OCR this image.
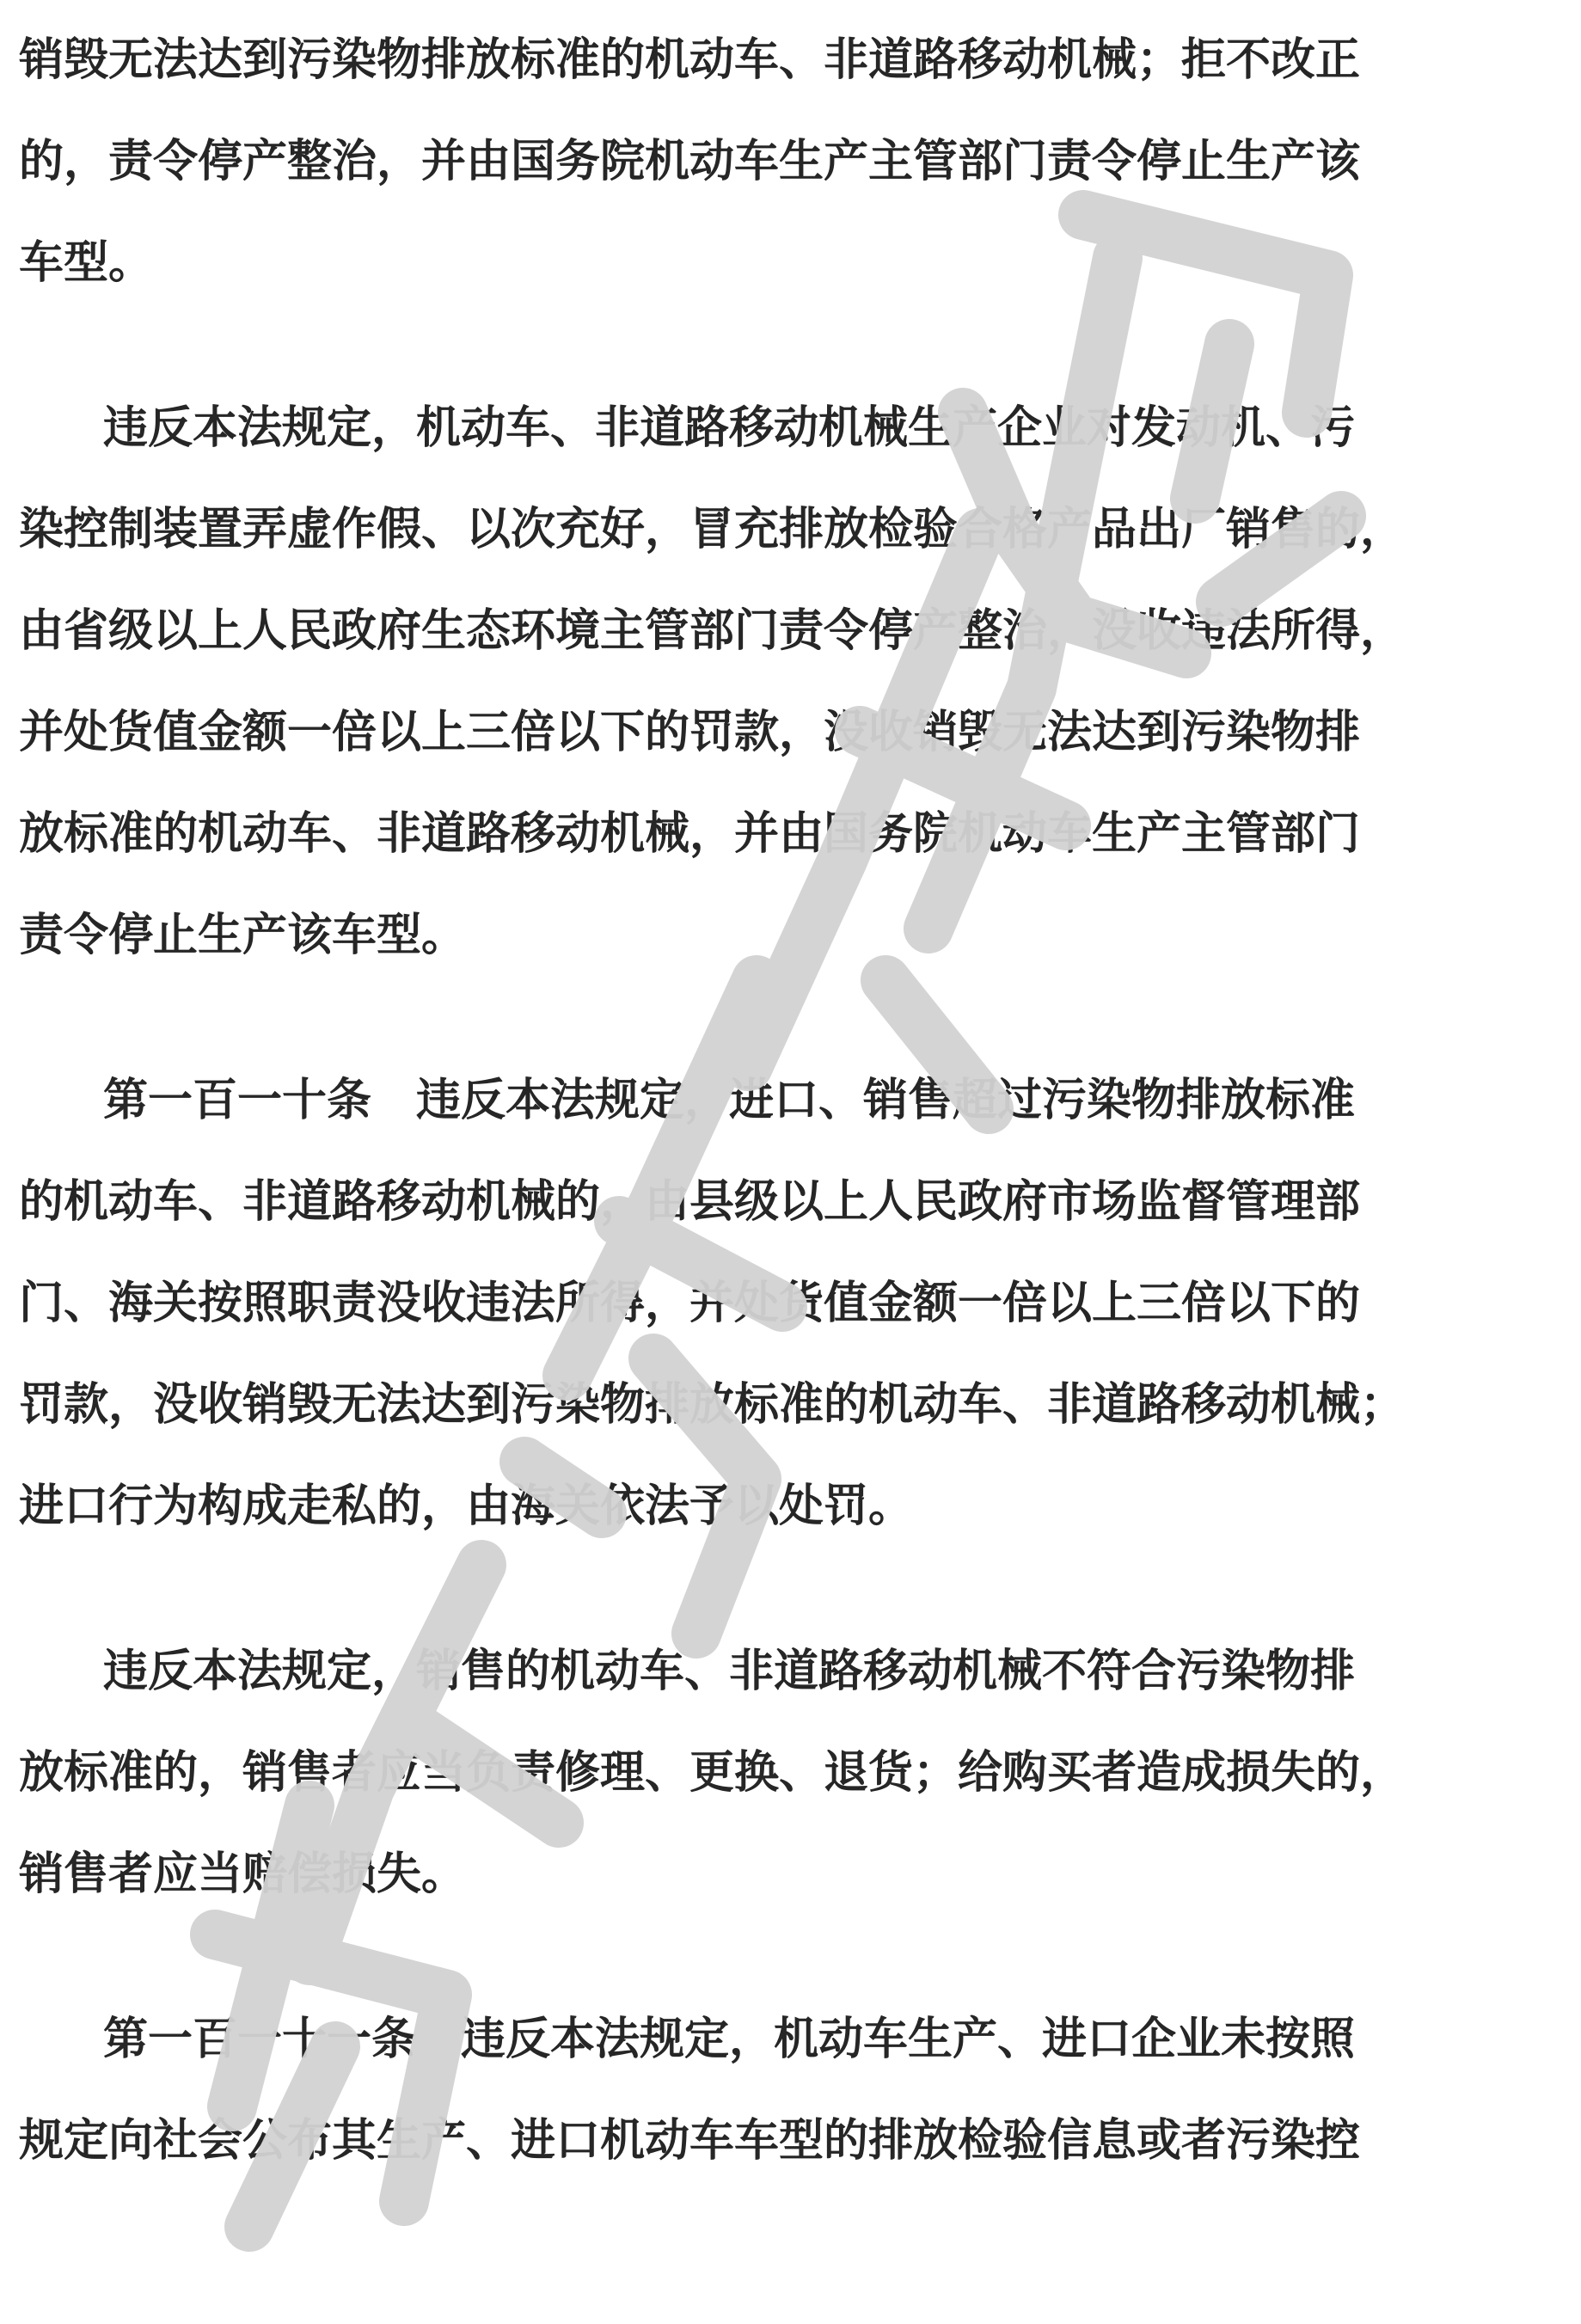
销毁无法达到污染物排放标准的机动车、非道路移动机械；拒不改正
的，责令停产整治，并由国务院机动车生产主管部门责令停止生产该
车型。
违反本法规定，机动车、非道路移动机械生产企业对发动机、污
染控制装置弄虚作假、以次充好，冒充排放检验合格产品出厂销售的，
由省级以上人民政府生态环境主管部门责令停产整治，没收违法所得，
并处货值金额一倍以上三倍以下的罚款，没收销毁无法达到污染物排
放标准的机动车、非道路移动机械，并由国务院机动车生产主管部门
责令停止生产该车型。
第一百一十条　违反本法规定，进口、销售超过污染物排放标准
的机动车、非道路移动机械的，由县级以上人民政府市场监督管理部
门、海关按照职责没收违法所得，并处货值金额一倍以上三倍以下的
罚款，没收销毁无法达到污染物排放标准的机动车、非道路移动机械；
进口行为构成走私的，由海关依法予以处罚。
违反本法规定，销售的机动车、非道路移动机械不符合污染物排
放标准的，销售者应当负责修理、更换、退货；给购买者造成损失的，
销售者应当赔偿损失。
第一百一十一条　违反本法规定，机动车生产、进口企业未按照
规定向社会公布其生产、进口机动车车型的排放检验信息或者污染控
